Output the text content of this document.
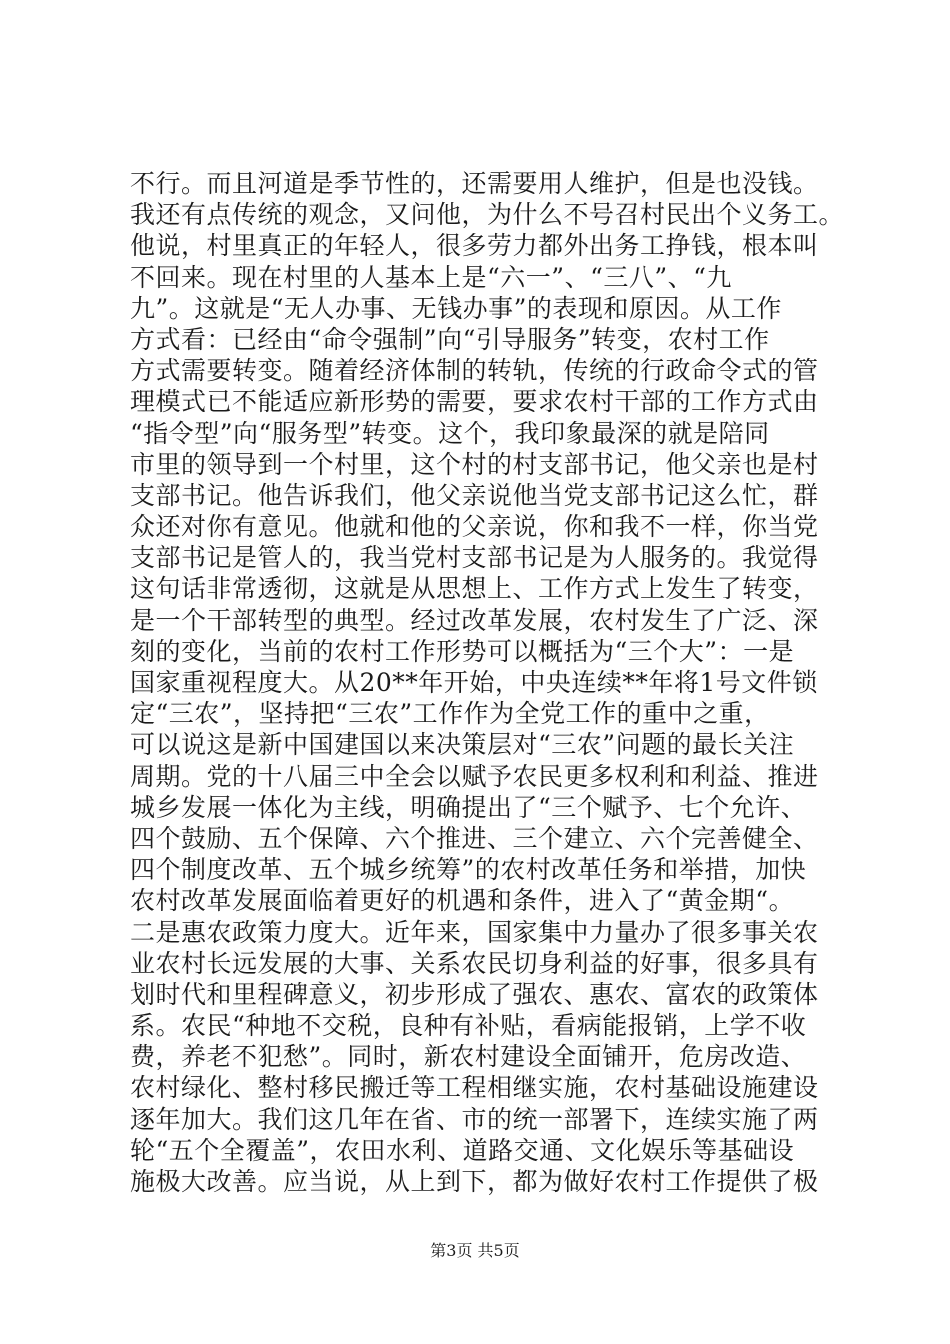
不行。而且河道是季节性的，还需要用人维护，但是也没钱。
我还有点传统的观念，又问他，为什么不号召村民出个义务工。
他说，村里真正的年轻人，很多劳力都外出务工挣钱，根本叫
不回来。现在村里的人基本上是“六一”、“三八”、“九
九”。这就是“无人办事、无钱办事”的表现和原因。从工作
方式看：已经由“命令强制”向“引导服务”转变，农村工作
方式需要转变。随着经济体制的转轨，传统的行政命令式的管
理模式已不能适应新形势的需要，要求农村干部的工作方式由
“指令型”向“服务型”转变。这个，我印象最深的就是陪同
市里的领导到一个村里，这个村的村支部书记，他父亲也是村
支部书记。他告诉我们，他父亲说他当党支部书记这么忙，群
众还对你有意见。他就和他的父亲说，你和我不一样，你当党
支部书记是管人的，我当党村支部书记是为人服务的。我觉得
这句话非常透彻，这就是从思想上、工作方式上发生了转变，
是一个干部转型的典型。经过改革发展，农村发生了广泛、深
刻的变化，当前的农村工作形势可以概括为“三个大”：一是
国家重视程度大。从20**年开始，中央连续**年将1号文件锁
定“三农”，坚持把“三农”工作作为全党工作的重中之重，
可以说这是新中国建国以来决策层对“三农”问题的最长关注
周期。党的十八届三中全会以赋予农民更多权利和利益、推进
城乡发展一体化为主线，明确提出了“三个赋予、七个允许、
四个鼓励、五个保障、六个推进、三个建立、六个完善健全、
四个制度改革、五个城乡统筹”的农村改革任务和举措，加快
农村改革发展面临着更好的机遇和条件，进入了“黄金期“。
二是惠农政策力度大。近年来，国家集中力量办了很多事关农
业农村长远发展的大事、关系农民切身利益的好事，很多具有
划时代和里程碑意义，初步形成了强农、惠农、富农的政策体
系。农民“种地不交税，良种有补贴，看病能报销，上学不收
费，养老不犯愁”。同时，新农村建设全面铺开，危房改造、
农村绿化、整村移民搬迁等工程相继实施，农村基础设施建设
逐年加大。我们这几年在省、市的统一部署下，连续实施了两
轮“五个全覆盖”，农田水利、道路交通、文化娱乐等基础设
施极大改善。应当说，从上到下，都为做好农村工作提供了极
第3页 共5页
